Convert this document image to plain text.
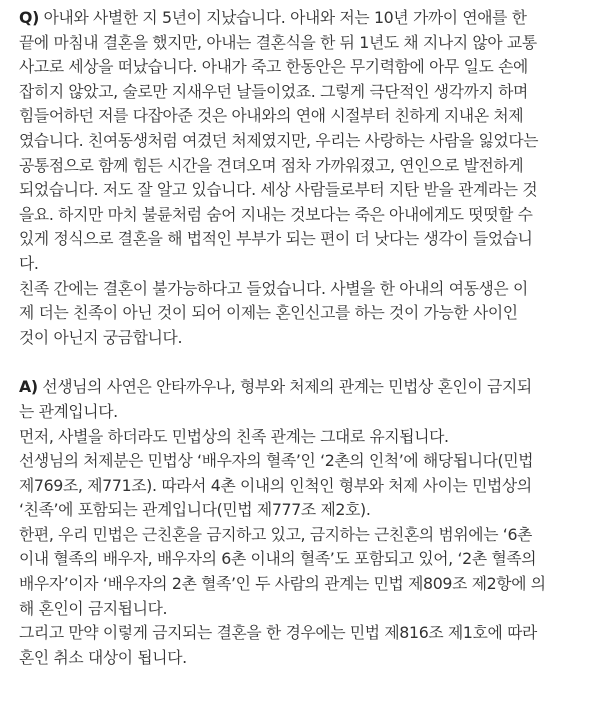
Q) 아내와 사별한 지 5년이 지났습니다. 아내와 저는 10년 가까이 연애를 한
끝에 마침내 결혼을 했지만, 아내는 결혼식을 한 뒤 1년도 채 지나지 않아 교통
사고로 세상을 떠났습니다. 아내가 죽고 한동안은 무기력함에 아무 일도 손에
잡히지 않았고, 술로만 지새우던 날들이었죠. 그렇게 극단적인 생각까지 하며
힘들어하던 저를 다잡아준 것은 아내와의 연애 시절부터 친하게 지내온 처제
였습니다. 친여동생처럼 여겼던 처제였지만, 우리는 사랑하는 사람을 잃었다는
공통점으로 함께 힘든 시간을 견뎌오며 점차 가까워졌고, 연인으로 발전하게
되었습니다. 저도 잘 알고 있습니다. 세상 사람들로부터 지탄 받을 관계라는 것
을요. 하지만 마치 불륜처럼 숨어 지내는 것보다는 죽은 아내에게도 떳떳할 수
있게 정식으로 결혼을 해 법적인 부부가 되는 편이 더 낫다는 생각이 들었습니
다.
친족 간에는 결혼이 불가능하다고 들었습니다. 사별을 한 아내의 여동생은 이
제 더는 친족이 아닌 것이 되어 이제는 혼인신고를 하는 것이 가능한 사이인
것이 아닌지 궁금합니다.
A) 선생님의 사연은 안타까우나, 형부와 처제의 관계는 민법상 혼인이 금지되
는 관계입니다.
먼저, 사별을 하더라도 민법상의 친족 관계는 그대로 유지됩니다.
선생님의 처제분은 민법상 ‘배우자의 혈족’인 ‘2촌의 인척’에 해당됩니다(민법
제769조, 제771조). 따라서 4촌 이내의 인척인 형부와 처제 사이는 민법상의
‘친족’에 포함되는 관계입니다(민법 제777조 제2호).
한편, 우리 민법은 근친혼을 금지하고 있고, 금지하는 근친혼의 범위에는 ‘6촌
이내 혈족의 배우자, 배우자의 6촌 이내의 혈족’도 포함되고 있어, ‘2촌 혈족의
배우자’이자 ‘배우자의 2촌 혈족’인 두 사람의 관계는 민법 제809조 제2항에 의
해 혼인이 금지됩니다.
그리고 만약 이렇게 금지되는 결혼을 한 경우에는 민법 제816조 제1호에 따라
혼인 취소 대상이 됩니다.
